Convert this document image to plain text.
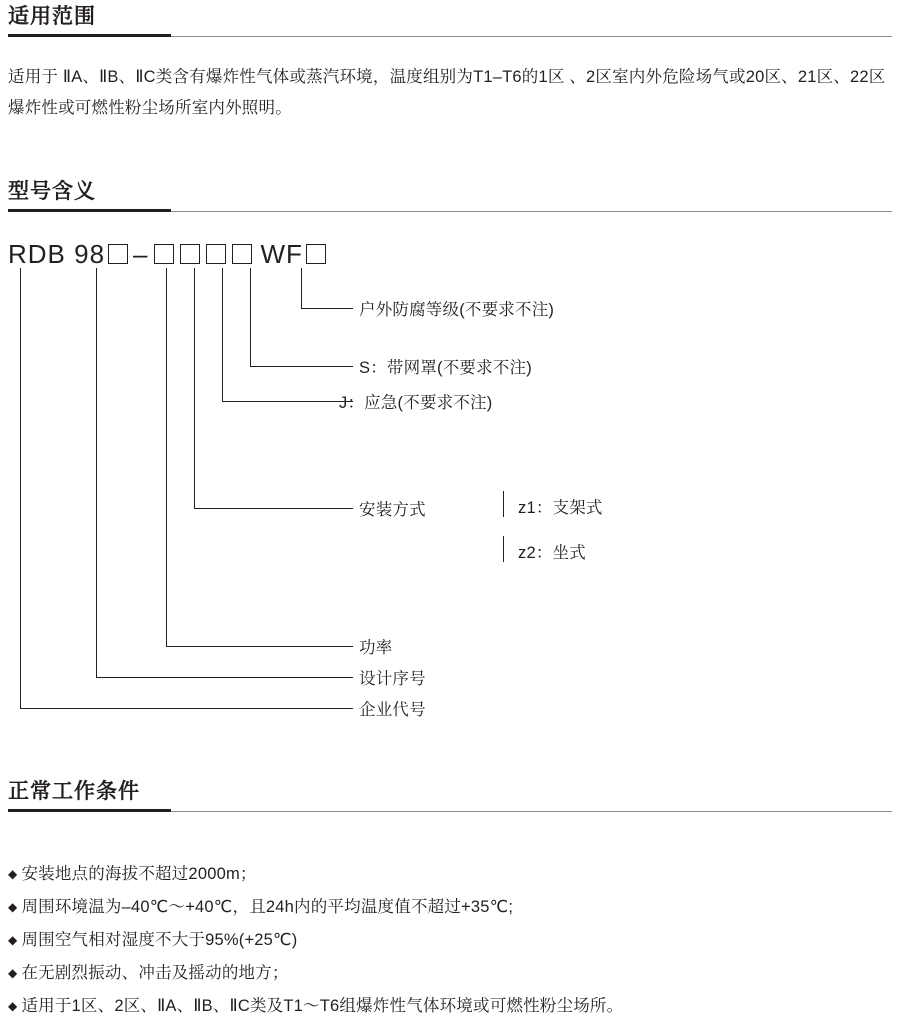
适用范围
适用于 ⅡA、ⅡB、ⅡC类含有爆炸性气体或蒸汽环境，温度组别为T1–T6的1区 、2区室内外危险场气或20区、21区、22区爆炸性或可燃性粉尘场所室内外照明。
型号含义
RDB 98 –	WF
户外防腐等级(不要求不注)
S：带网罩(不要求不注)
J：应急(不要求不注)
安装方式	z1：支架式
z2：坐式
功率
设计序号
企业代号
正常工作条件
◆ 安装地点的海拔不超过2000m；
◆ 周围环境温为–40℃～+40℃，且24h内的平均温度值不超过+35℃;
◆ 周围空气相对湿度不大于95%(+25℃)
◆ 在无剧烈振动、冲击及摇动的地方；
◆ 适用于1区、2区、ⅡA、ⅡB、ⅡC类及T1～T6组爆炸性气体环境或可燃性粉尘场所。
